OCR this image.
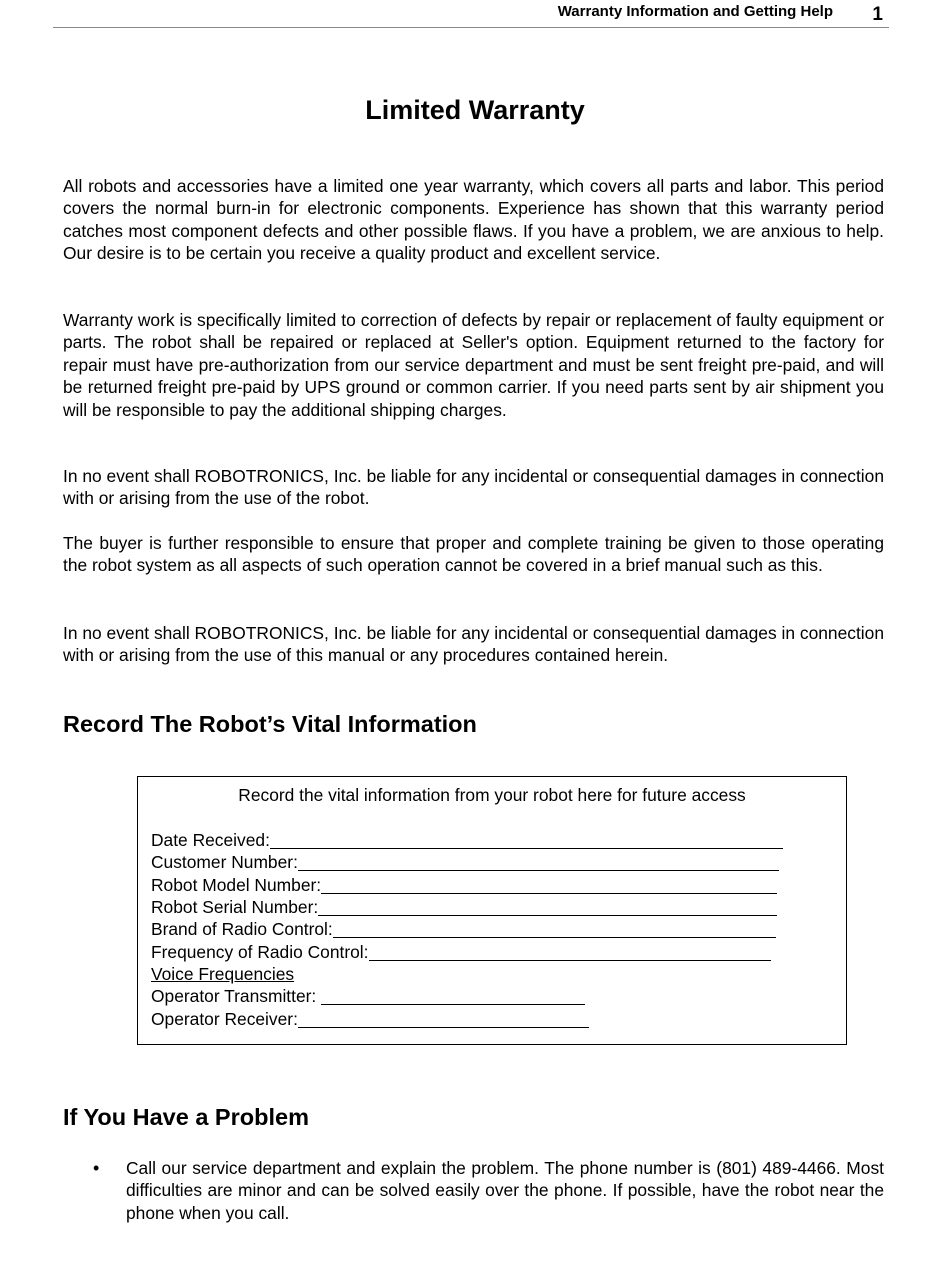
Warranty Information and Getting Help 1
Limited Warranty

All robots and accessories have a limited one year warranty, which covers all parts and labor. This period covers the normal burn-in for electronic components. Experience has shown that this warranty period catches most component defects and other possible flaws. If you have a problem, we are anxious to help. Our desire is to be certain you receive a quality product and excellent service.

Warranty work is specifically limited to correction of defects by repair or replacement of faulty equipment or parts. The robot shall be repaired or replaced at Seller's option. Equipment returned to the factory for repair must have pre-authorization from our service department and must be sent freight pre-paid, and will be returned freight pre-paid by UPS ground or common carrier. If you need parts sent by air shipment you will be responsible to pay the additional shipping charges.

In no event shall ROBOTRONICS, Inc. be liable for any incidental or consequential damages in connection with or arising from the use of the robot.

The buyer is further responsible to ensure that proper and complete training be given to those operating the robot system as all aspects of such operation cannot be covered in a brief manual such as this.

In no event shall ROBOTRONICS, Inc. be liable for any incidental or consequential damages in connection with or arising from the use of this manual or any procedures contained herein.

Record The Robot’s Vital Information
Record the vital information from your robot here for future access
Date Received:
Customer Number:
Robot Model Number:
Robot Serial Number:
Brand of Radio Control:
Frequency of Radio Control:
Voice Frequencies
Operator Transmitter:
Operator Receiver:
If You Have a Problem
• Call our service department and explain the problem. The phone number is (801) 489-4466. Most difficulties are minor and can be solved easily over the phone. If possible, have the robot near the phone when you call.
